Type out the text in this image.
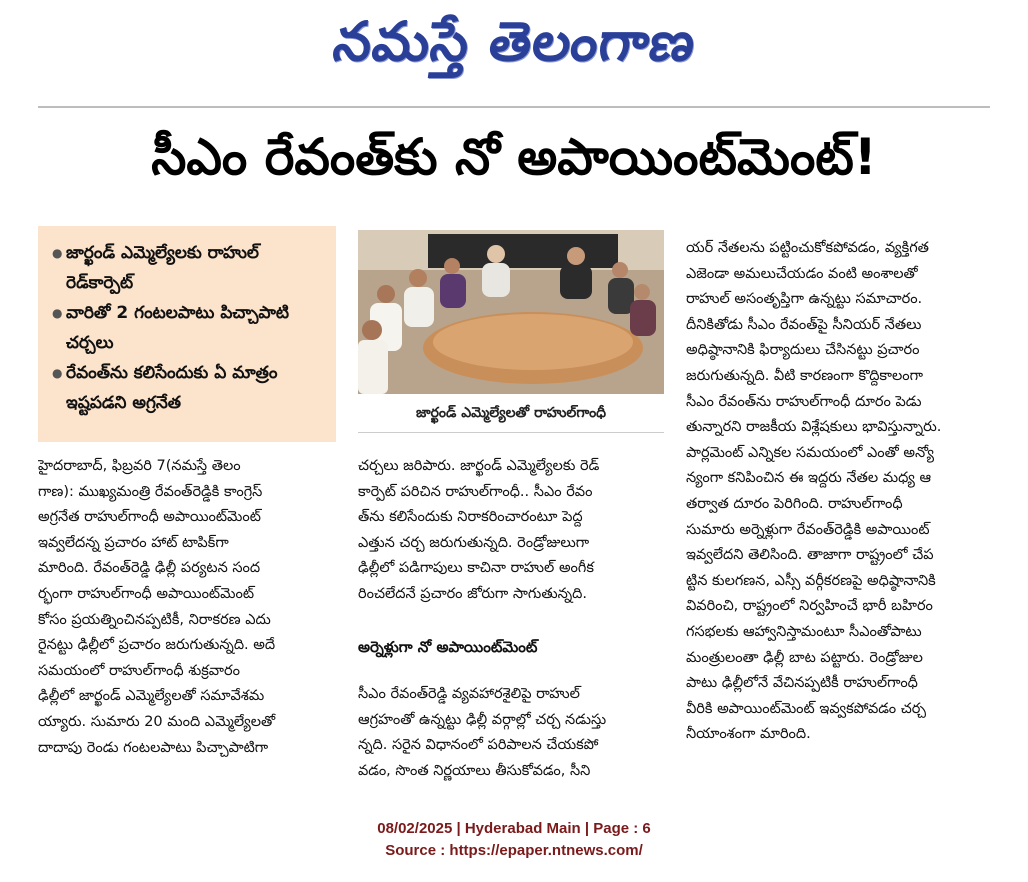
నమస్తే తెలంగాణ
సీఎం రేవంత్‌కు నో అపాయింట్‌మెంట్!
● జార్ఖండ్ ఎమ్మెల్యేలకు రాహుల్ రెడ్‌కార్పెట్
● వారితో 2 గంటలపాటు పిచ్చాపాటి చర్చలు
● రేవంత్‌ను కలిసేందుకు ఏ మాత్రం ఇష్టపడని అగ్రనేత	జార్ఖండ్ ఎమ్మెల్యేలతో రాహుల్‌గాంధీ
హైదరాబాద్, ఫిబ్రవరి 7(నమస్తే తెలం
గాణ): ముఖ్యమంత్రి రేవంత్‌రెడ్డికి కాంగ్రెస్
అగ్రనేత రాహుల్‌గాంధీ అపాయింట్‌మెంట్
ఇవ్వలేదన్న ప్రచారం హాట్ టాపిక్‌గా
మారింది. రేవంత్‌రెడ్డి ఢిల్లీ పర్యటన సంద
ర్భంగా రాహుల్‌గాంధీ అపాయింట్‌మెంట్
కోసం ప్రయత్నించినప్పటికీ, నిరాకరణ ఎదు
రైనట్టు ఢిల్లీలో ప్రచారం జరుగుతున్నది. అదే
సమయంలో రాహుల్‌గాంధీ శుక్రవారం
ఢిల్లీలో జార్ఖండ్ ఎమ్మెల్యేలతో సమావేశమ
య్యారు. సుమారు 20 మంది ఎమ్మెల్యేలతో
దాదాపు రెండు గంటలపాటు పిచ్చాపాటిగా
చర్చలు జరిపారు. జార్ఖండ్ ఎమ్మెల్యేలకు రెడ్
కార్పెట్ పరిచిన రాహుల్‌గాంధీ.. సీఎం రేవం
త్‌ను కలిసేందుకు నిరాకరించారంటూ పెద్ద
ఎత్తున చర్చ జరుగుతున్నది. రెండ్రోజులుగా
ఢిల్లీలో పడిగాపులు కాచినా రాహుల్ అంగీక
రించలేదనే ప్రచారం జోరుగా సాగుతున్నది.
అర్నెళ్లుగా నో అపాయింట్‌మెంట్
సీఎం రేవంత్‌రెడ్డి వ్యవహారశైలిపై రాహుల్
ఆగ్రహంతో ఉన్నట్టు ఢిల్లీ వర్గాల్లో చర్చ నడుస్తు
న్నది. సరైన విధానంలో పరిపాలన చేయకపో
వడం, సొంత నిర్ణయాలు తీసుకోవడం, సీని
యర్ నేతలను పట్టించుకోకపోవడం, వ్యక్తిగత
ఎజెండా అమలుచేయడం వంటి అంశాలతో
రాహుల్ అసంతృప్తిగా ఉన్నట్టు సమాచారం.
దీనికితోడు సీఎం రేవంత్‌పై సీనియర్ నేతలు
అధిష్ఠానానికి ఫిర్యాదులు చేసినట్టు ప్రచారం
జరుగుతున్నది. వీటి కారణంగా కొద్దికాలంగా
సీఎం రేవంత్‌ను రాహుల్‌గాంధీ దూరం పెడు
తున్నారని రాజకీయ విశ్లేషకులు భావిస్తున్నారు.
పార్లమెంట్ ఎన్నికల సమయంలో ఎంతో అన్యో
న్యంగా కనిపించిన ఈ ఇద్దరు నేతల మధ్య ఆ
తర్వాత దూరం పెరిగింది. రాహుల్‌గాంధీ
సుమారు అర్నెళ్లుగా రేవంత్‌రెడ్డికి అపాయింట్
ఇవ్వలేదని తెలిసింది. తాజాగా రాష్ట్రంలో చేప
ట్టిన కులగణన, ఎస్సీ వర్గీకరణపై అధిష్ఠానానికి
వివరించి, రాష్ట్రంలో నిర్వహించే భారీ బహిరం
గసభలకు ఆహ్వానిస్తామంటూ సీఎంతోపాటు
మంత్రులంతా ఢిల్లీ బాట పట్టారు. రెండ్రోజుల
పాటు ఢిల్లీలోనే వేచినప్పటికీ రాహుల్‌గాంధీ
వీరికి అపాయింట్‌మెంట్ ఇవ్వకపోవడం చర్చ
నీయాంశంగా మారింది.
08/02/2025 | Hyderabad Main | Page : 6
Source : https://epaper.ntnews.com/
